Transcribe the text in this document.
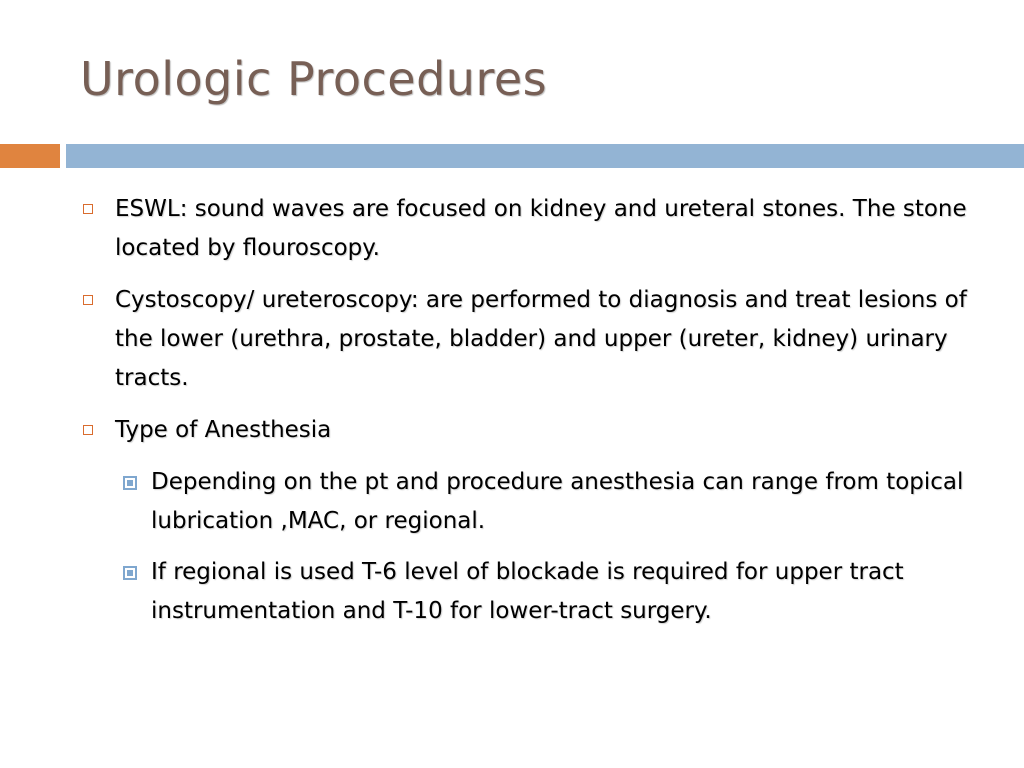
Urologic Procedures
ESWL: sound waves are focused on kidney and ureteral stones. The stone located by flouroscopy.
Cystoscopy/ ureteroscopy: are performed to diagnosis and treat lesions of the lower (urethra, prostate, bladder) and upper (ureter, kidney) urinary tracts.
Type of Anesthesia
Depending on the pt and procedure anesthesia can range from topical lubrication ,MAC, or regional.
If regional is used T-6 level of blockade is required for upper tract instrumentation and T-10 for lower-tract surgery.
